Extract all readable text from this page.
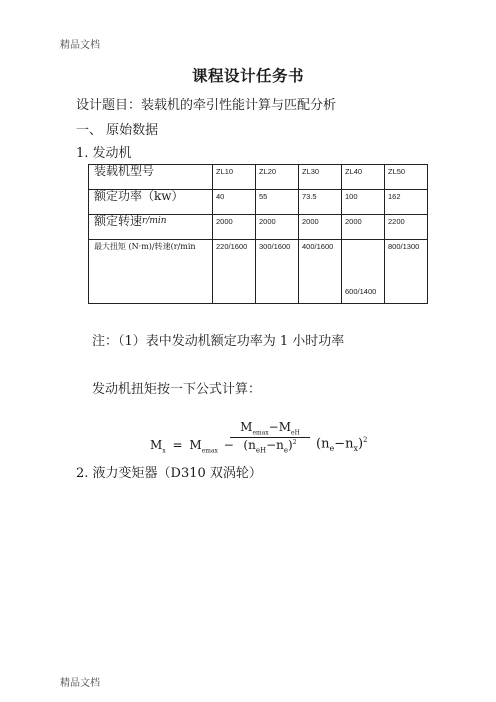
精品文档
精品文档
课程设计任务书
设计题目：装载机的牵引性能计算与匹配分析
一、 原始数据
1. 发动机
装载机型号	ZL10	ZL20	ZL30	ZL40	ZL50
额定功率（kw）	40	55	73.5	100	162
额定转速r/min	2000	2000	2000	2000	2200
最大扭矩 (N·m)/转速(r/min	220/1600	300/1600	400/1600	600/1400	800/1300
注：（1）表中发动机额定功率为 1 小时功率
发动机扭矩按一下公式计算：
$M_x = M_{emax}$ −
$M_{emax}-M_{eH}$
$(n_{eH}-n_e)^2$	$(n_e-n_x)^2$
2. 液力变矩器（D310 双涡轮）
